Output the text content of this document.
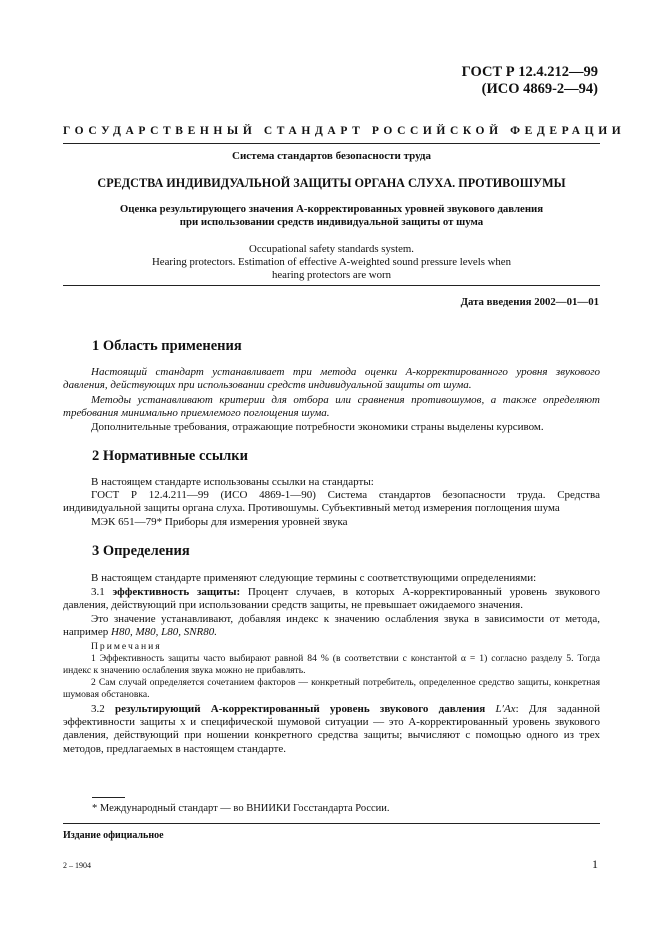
ГОСТ Р 12.4.212—99
(ИСО 4869-2—94)
ГОСУДАРСТВЕННЫЙ СТАНДАРТ РОССИЙСКОЙ ФЕДЕРАЦИИ
Система стандартов безопасности труда
СРЕДСТВА ИНДИВИДУАЛЬНОЙ ЗАЩИТЫ ОРГАНА СЛУХА. ПРОТИВОШУМЫ
Оценка результирующего значения А-корректированных уровней звукового давления
при использовании средств индивидуальной защиты от шума
Occupational safety standards system.
Hearing protectors. Estimation of effective A-weighted sound pressure levels when
hearing protectors are worn
Дата введения 2002—01—01
1 Область применения
Настоящий стандарт устанавливает три метода оценки А-корректированного уровня звукового давления, действующих при использовании средств индивидуальной защиты от шума.
Методы устанавливают критерии для отбора или сравнения противошумов, а также определяют требования минимально приемлемого поглощения шума.
Дополнительные требования, отражающие потребности экономики страны выделены курсивом.
2 Нормативные ссылки
В настоящем стандарте использованы ссылки на стандарты:
ГОСТ Р 12.4.211—99 (ИСО 4869-1—90) Система стандартов безопасности труда. Средства индивидуальной защиты органа слуха. Противошумы. Субъективный метод измерения поглощения шума
МЭК 651—79* Приборы для измерения уровней звука
3 Определения
В настоящем стандарте применяют следующие термины с соответствующими определениями:
3.1 эффективность защиты: Процент случаев, в которых А-корректированный уровень звукового давления, действующий при использовании средств защиты, не превышает ожидаемого значения.
Это значение устанавливают, добавляя индекс к значению ослабления звука в зависимости от метода, например H80, M80, L80, SNR80.
Примечания
1 Эффективность защиты часто выбирают равной 84 % (в соответствии с константой α = 1) согласно разделу 5. Тогда индекс к значению ослабления звука можно не прибавлять.
2 Сам случай определяется сочетанием факторов — конкретный потребитель, определенное средство защиты, конкретная шумовая обстановка.
3.2 результирующий А-корректированный уровень звукового давления L′Ax: Для заданной эффективности защиты x и специфической шумовой ситуации — это А-корректированный уровень звукового давления, действующий при ношении конкретного средства защиты; вычисляют с помощью одного из трех методов, предлагаемых в настоящем стандарте.
* Международный стандарт — во ВНИИКИ Госстандарта России.
Издание официальное
2 – 1904	1
